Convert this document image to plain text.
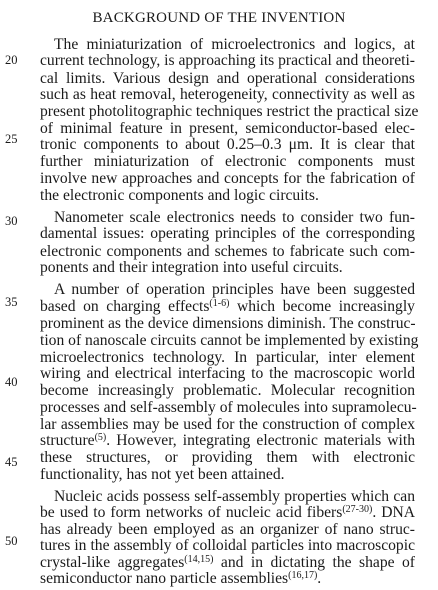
BACKGROUND OF THE INVENTION
20
25
30
35
40
45
50
The miniaturization of microelectronics and logics, at
current technology, is approaching its practical and theoreti-
cal limits. Various design and operational considerations
such as heat removal, heterogeneity, connectivity as well as
present photolitographic techniques restrict the practical size
of minimal feature in present, semiconductor-based elec-
tronic components to about 0.25–0.3 μm. It is clear that
further miniaturization of electronic components must
involve new approaches and concepts for the fabrication of
the electronic components and logic circuits.
Nanometer scale electronics needs to consider two fun-
damental issues: operating principles of the corresponding
electronic components and schemes to fabricate such com-
ponents and their integration into useful circuits.
A number of operation principles have been suggested
based on charging effects$^{(1-6)}$ which become increasingly
prominent as the device dimensions diminish. The construc-
tion of nanoscale circuits cannot be implemented by existing
microelectronics technology. In particular, inter element
wiring and electrical interfacing to the macroscopic world
become increasingly problematic. Molecular recognition
processes and self-assembly of molecules into supramolecu-
lar assemblies may be used for the construction of complex
structure$^{(5)}$. However, integrating electronic materials with
these structures, or providing them with electronic
functionality, has not yet been attained.
Nucleic acids possess self-assembly properties which can
be used to form networks of nucleic acid fibers$^{(27-30)}$. DNA
has already been employed as an organizer of nano struc-
tures in the assembly of colloidal particles into macroscopic
crystal-like aggregates$^{(14,15)}$ and in dictating the shape of
semiconductor nano particle assemblies$^{(16,17)}$.
